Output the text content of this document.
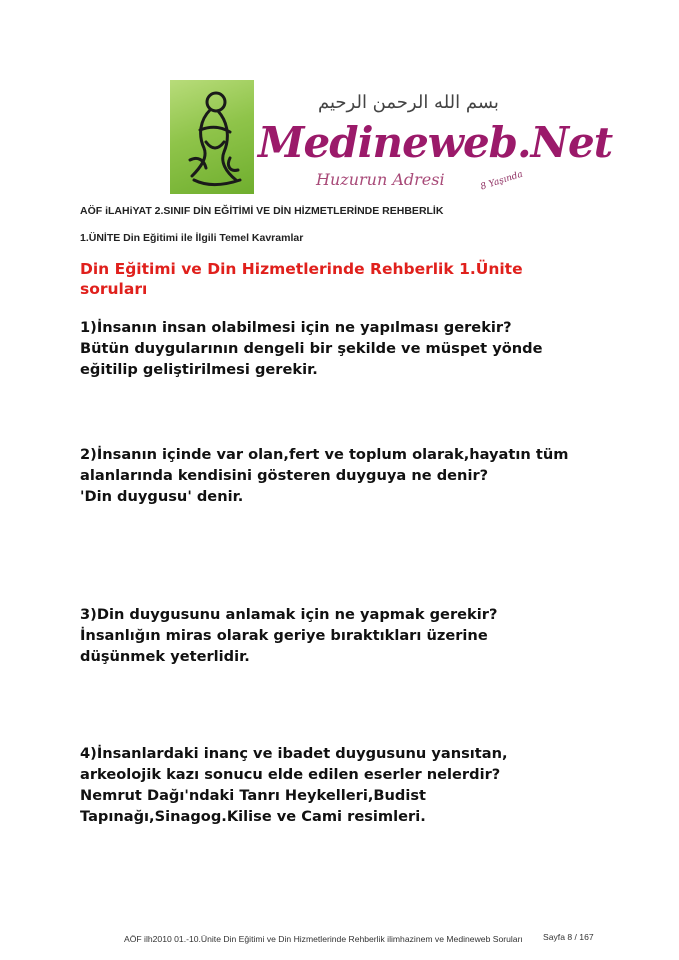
بسم الله الرحمن الرحيم
Medineweb.Net
Huzurun Adresi	8 Yaşında
AÖF iLAHiYAT 2.SINIF DİN EĞİTİMİ VE DİN HİZMETLERİNDE REHBERLİK
1.ÜNİTE Din Eğitimi ile İlgili Temel Kavramlar
Din Eğitimi ve Din Hizmetlerinde Rehberlik 1.Ünite
soruları
1)İnsanın insan olabilmesi için ne yapılması gerekir?
Bütün duygularının dengeli bir şekilde ve müspet yönde
eğitilip geliştirilmesi gerekir.
2)İnsanın içinde var olan,fert ve toplum olarak,hayatın tüm
alanlarında kendisini gösteren duyguya ne denir?
'Din duygusu' denir.
3)Din duygusunu anlamak için ne yapmak gerekir?
İnsanlığın miras olarak geriye bıraktıkları üzerine
düşünmek yeterlidir.
4)İnsanlardaki inanç ve ibadet duygusunu yansıtan,
arkeolojik kazı sonucu elde edilen eserler nelerdir?
Nemrut Dağı'ndaki Tanrı Heykelleri,Budist
Tapınağı,Sinagog.Kilise ve Cami resimleri.
AÖF ilh2010 01.-10.Ünite Din Eğitimi ve Din Hizmetlerinde Rehberlik ilimhazinem ve Medineweb Soruları Sayfa 8 / 167
